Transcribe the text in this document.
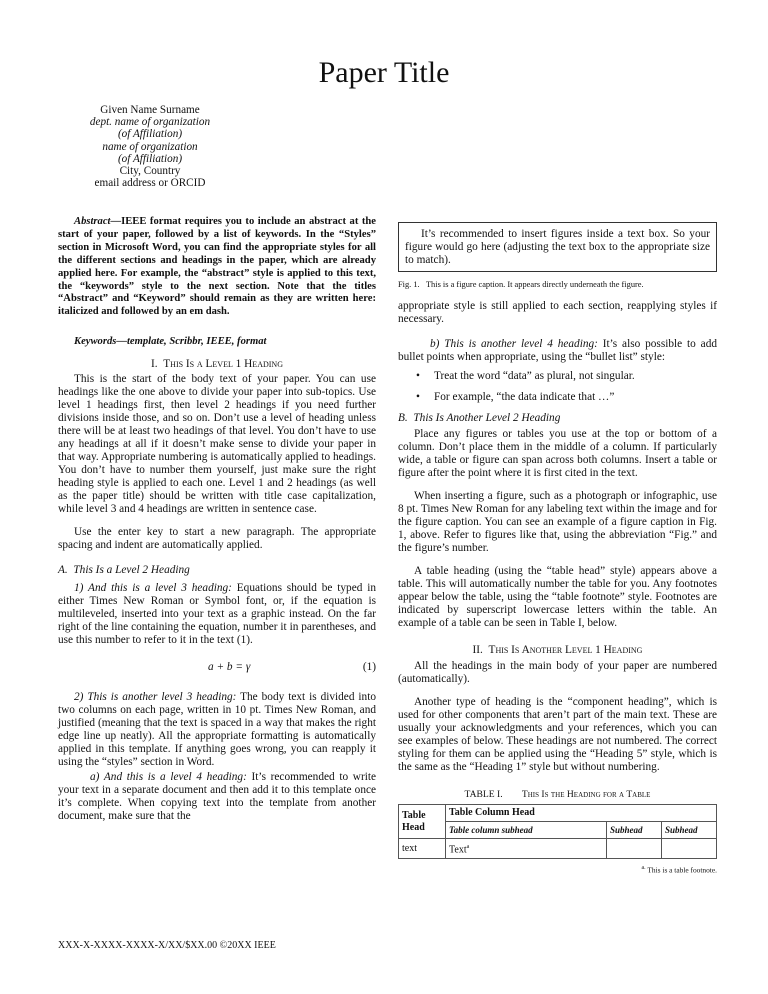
Paper Title
Given Name Surname
dept. name of organization
(of Affiliation)
name of organization
(of Affiliation)
City, Country
email address or ORCID

Abstract—IEEE format requires you to include an abstract at the start of your paper, followed by a list of keywords. In the “Styles” section in Microsoft Word, you can find the appropriate styles for all the different sections and headings in the paper, which are already applied here. For example, the “abstract” style is applied to this text, the “keywords” style to the next section. Note that the titles “Abstract” and “Keyword” should remain as they are written here: italicized and followed by an em dash.

Keywords—template, Scribbr, IEEE, format

I. This Is a Level 1 Heading

This is the start of the body text of your paper. You can use headings like the one above to divide your paper into sub-topics. Use level 1 headings first, then level 2 headings if you need further divisions inside those, and so on. Don’t use a level of heading unless there will be at least two headings of that level. You don’t have to use any headings at all if it doesn’t make sense to divide your paper in that way. Appropriate numbering is automatically applied to headings. You don’t have to number them yourself, just make sure the right heading style is applied to each one. Level 1 and 2 headings (as well as the paper title) should be written with title case capitalization, while level 3 and 4 headings are written in sentence case.

Use the enter key to start a new paragraph. The appropriate spacing and indent are automatically applied.

A. This Is a Level 2 Heading

1) And this is a level 3 heading: Equations should be typed in either Times New Roman or Symbol font, or, if the equation is multileveled, inserted into your text as a graphic instead. On the far right of the line containing the equation, number it in parentheses, and use this number to refer to it in the text (1).

a + b = γ	(1)

2) This is another level 3 heading: The body text is divided into two columns on each page, written in 10 pt. Times New Roman, and justified (meaning that the text is spaced in a way that makes the right edge line up neatly). All the appropriate formatting is automatically applied in this template. If anything goes wrong, you can reapply it using the “styles” section in Word.

a) And this is a level 4 heading: It’s recommended to write your text in a separate document and then add it to this template once it’s complete. When copying text into the template from another document, make sure that the

It’s recommended to insert figures inside a text box. So your figure would go here (adjusting the text box to the appropriate size to match).

Fig. 1. This is a figure caption. It appears directly underneath the figure.

appropriate style is still applied to each section, reapplying styles if necessary.

b) This is another level 4 heading: It’s also possible to add bullet points when appropriate, using the “bullet list” style:

• Treat the word “data” as plural, not singular.
• For example, “the data indicate that …”

B. This Is Another Level 2 Heading

Place any figures or tables you use at the top or bottom of a column. Don’t place them in the middle of a column. If particularly wide, a table or figure can span across both columns. Insert a table or figure after the point where it is first cited in the text.

When inserting a figure, such as a photograph or infographic, use 8 pt. Times New Roman for any labeling text within the image and for the figure caption. You can see an example of a figure caption in Fig. 1, above. Refer to figures like that, using the abbreviation “Fig.” and the figure’s number.

A table heading (using the “table head” style) appears above a table. This will automatically number the table for you. Any footnotes appear below the table, using the “table footnote” style. Footnotes are indicated by superscript lowercase letters within the table. An example of a table can be seen in Table I, below.

II. This Is Another Level 1 Heading

All the headings in the main body of your paper are numbered (automatically).

Another type of heading is the “component heading”, which is used for other components that aren’t part of the main text. These are usually your acknowledgments and your references, which you can see examples of below. These headings are not numbered. The correct styling for them can be applied using the “Heading 5” style, which is the same as the “Heading 1” style but without numbering.

TABLE I. This Is the Heading for a Table

Table Head	Table Column Head		
	Table column subhead	Subhead	Subhead
text	Text$^a$		

$^{a.}$ This is a table footnote.

XXX-X-XXXX-XXXX-X/XX/$XX.00 ©20XX IEEE
